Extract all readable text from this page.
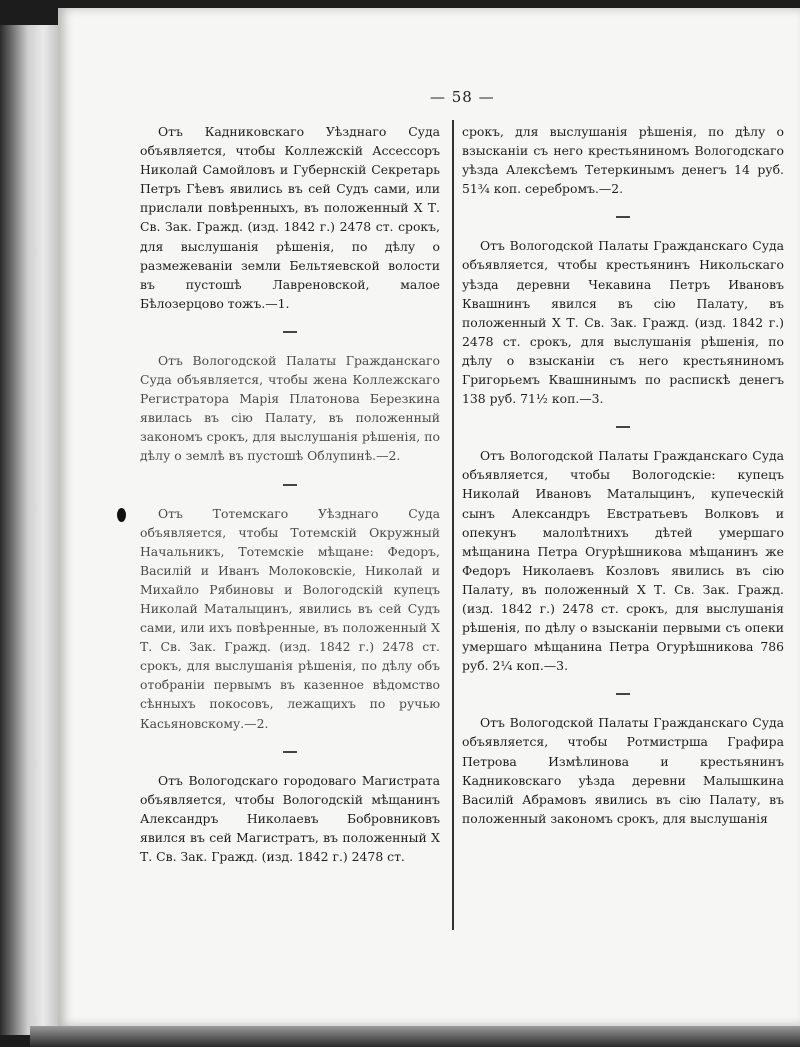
— 58 —

Отъ Кадниковскаго Уѣзднаго Суда объявляется, чтобы Коллежскій Ассессоръ Николай Самойловъ и Губернскій Секретарь Петръ Гѣевъ явились въ сей Судъ сами, или прислали повѣренныхъ, въ положенный X Т. Св. Зак. Гражд. (изд. 1842 г.) 2478 ст. срокъ, для выслушанія рѣшенія, по дѣлу о размежеваніи земли Бельтяевской волости въ пустошѣ Лавреновской, малое Бѣлозерцово тожъ.—1.

Отъ Вологодской Палаты Гражданскаго Суда объявляется, чтобы жена Коллежскаго Регистратора Марія Платонова Березкина явилась въ сію Палату, въ положенный закономъ срокъ, для выслушанія рѣшенія, по дѣлу о землѣ въ пустошѣ Облупинѣ.—2.

Отъ Тотемскаго Уѣзднаго Суда объявляется, чтобы Тотемскій Окружный Начальникъ, Тотемскіе мѣщане: Федоръ, Василій и Иванъ Молоковскіе, Николай и Михайло Рябиновы и Вологодскій купецъ Николай Маталыцинъ, явились въ сей Судъ сами, или ихъ повѣренные, въ положенный X Т. Св. Зак. Гражд. (изд. 1842 г.) 2478 ст. срокъ, для выслушанія рѣшенія, по дѣлу объ отобраніи первымъ въ казенное вѣдомство сѣнныхъ покосовъ, лежащихъ по ручью Касьяновскому.—2.

Отъ Вологодскаго городоваго Магистрата объявляется, чтобы Вологодскій мѣщанинъ Александръ Николаевъ Бобровниковъ явился въ сей Магистратъ, въ положенный X Т. Св. Зак. Гражд. (изд. 1842 г.) 2478 ст.

срокъ, для выслушанія рѣшенія, по дѣлу о взысканіи съ него крестьяниномъ Вологодскаго уѣзда Алексѣемъ Тетеркинымъ денегъ 14 руб. 51¾ коп. серебромъ.—2.

Отъ Вологодской Палаты Гражданскаго Суда объявляется, чтобы крестьянинъ Никольскаго уѣзда деревни Чекавина Петръ Ивановъ Квашнинъ явился въ сію Палату, въ положенный X Т. Св. Зак. Гражд. (изд. 1842 г.) 2478 ст. срокъ, для выслушанія рѣшенія, по дѣлу о взысканіи съ него крестьяниномъ Григорьемъ Квашнинымъ по распискѣ денегъ 138 руб. 71½ коп.—3.

Отъ Вологодской Палаты Гражданскаго Суда объявляется, чтобы Вологодскіе: купецъ Николай Ивановъ Маталыцинъ, купеческій сынъ Александръ Евстратьевъ Волковъ и опекунъ малолѣтнихъ дѣтей умершаго мѣщанина Петра Огурѣшникова мѣщанинъ же Федоръ Николаевъ Козловъ явились въ сію Палату, въ положенный X Т. Св. Зак. Гражд. (изд. 1842 г.) 2478 ст. срокъ, для выслушанія рѣшенія, по дѣлу о взысканіи первыми съ опеки умершаго мѣщанина Петра Огурѣшникова 786 руб. 2¼ коп.—3.

Отъ Вологодской Палаты Гражданскаго Суда объявляется, чтобы Ротмистрша Графира Петрова Измѣлинова и крестьянинъ Кадниковскаго уѣзда деревни Малышкина Василій Абрамовъ явились въ сію Палату, въ положенный закономъ срокъ, для выслушанія
